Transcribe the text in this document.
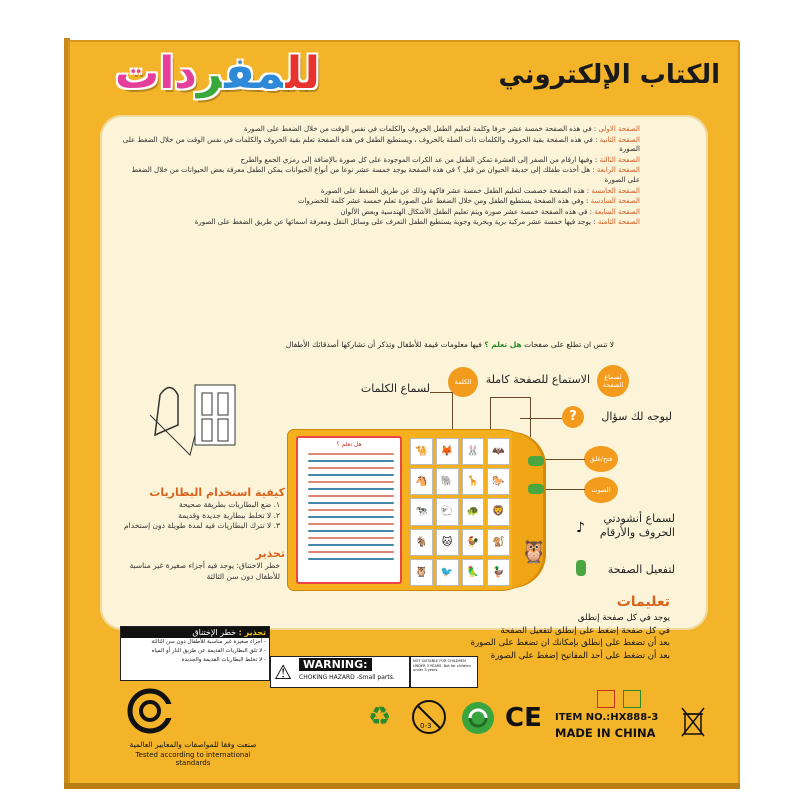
الكتاب الإلكتروني
للمفردات

الصفحة الاولى : في هذه الصفحة خمسة عشر حرفا وكلمة لتعليم الطفل الحروف والكلمات في نفس الوقت من خلال الضغط على الصورة

الصفحة الثانية : في هذه الصفحة بقية الحروف والكلمات ذات الصلة بالحروف ، ويستطيع الطفل في هذه الصفحة تعلم بقية الحروف والكلمات في نفس الوقت من خلال الضغط على الصورة

الصفحة الثالثة : وفيها ارقام من الصفر إلى العشرة تمكن الطفل من عد الكرات الموجودة على كل صورة بالإضافة إلى رمزي الجمع والطرح

الصفحة الرابعة : هل أخذت طفلك إلى حديقة الحيوان من قبل ؟ في هذه الصفحة يوجد خمسة عشر نوعا من أنواع الحيوانات يمكن الطفل معرفة بعض الحيوانات من خلال الضغط على الصورة

الصفحة الخامسة : هذه الصفحة خصصت لتعليم الطفل خمسة عشر فاكهة وذلك عن طريق الضغط على الصورة

الصفحة السادسة : وفي هذه الصفحة يستطيع الطفل ومن خلال الضغط على الصورة تعلم خمسة عشر كلمة للخضروات

الصفحة السابعة : في هذه الصفحة خمسة عشر صورة ويتم تعليم الطفل الأشكال الهندسية وبعض الألوان

الصفحة الثامنة : يوجد فيها خمسة عشر مركبة برية وبحرية وجوية يستطيع الطفل التعرف على وسائل النقل ومعرفة اسمائها عن طريق الضغط على الصورة

لا تنس ان تطلع على صفحات هل تعلم ؟ فيها معلومات قيمة للأطفال وتذكر أن تشاركها أصدقائك الأطفال
لسماع الكلمات	الكلمة	الاستماع للصفحة كاملة	لسماع الصفحة
?	ليوجه لك سؤال
فتح/غلق
الصوت
لسماع أنشودتي الحروف والأرقام
لتفعيل الصفحة
هل تعلم ؟
🐪	🦊	🐰	🦇
🐴	🐘	🦒	🐎
🐄	🐑	🐢	🦁
🐐	🐱	🐓	🐒
🦉	🐦	🦜	🦆
🦉
♪
كيفية استخدام البطاريات
١. ضع البطاريات بطريقة صحيحة
٢. لا تخلط ببطارية جديدة وقديمة
٣. لا تترك البطاريات فيه لمدة طويلة دون إستخدام
تحذير
خطر الاختناق: يوجد فيه أجزاء صغيرة غير مناسبة للأطفال دون سن الثالثة
تعليمات
يوجد في كل صفحة إنطلق
في كل صفحة إضغط على إنطلق لتفعيل الصفحة
بعد أن تضغط على إنطلق بإمكانك ان تضغط على الصورة
بعد أن تضغط على أحد المفاتيح إضغط على الصورة
تحذير : خطر الإختناق
- أجزاء صغيرة غير مناسبة للأطفال دون سن الثالثة
- لا تلق البطاريات القديمة عن طريق النار أو المياه
- لا تخلط البطاريات القديمة والجديدة ⚠	WARNING:
CHOKING HAZARD -Small parts.
NOT SUITABLE FOR CHILDREN UNDER 3 YEARS. Not for children under 3 years.
صنعت وفقا للمواصفات والمعايير العالمية
Tested according to international standards
♻	0-3	CE ITEM NO.:HX888-3
MADE IN CHINA
